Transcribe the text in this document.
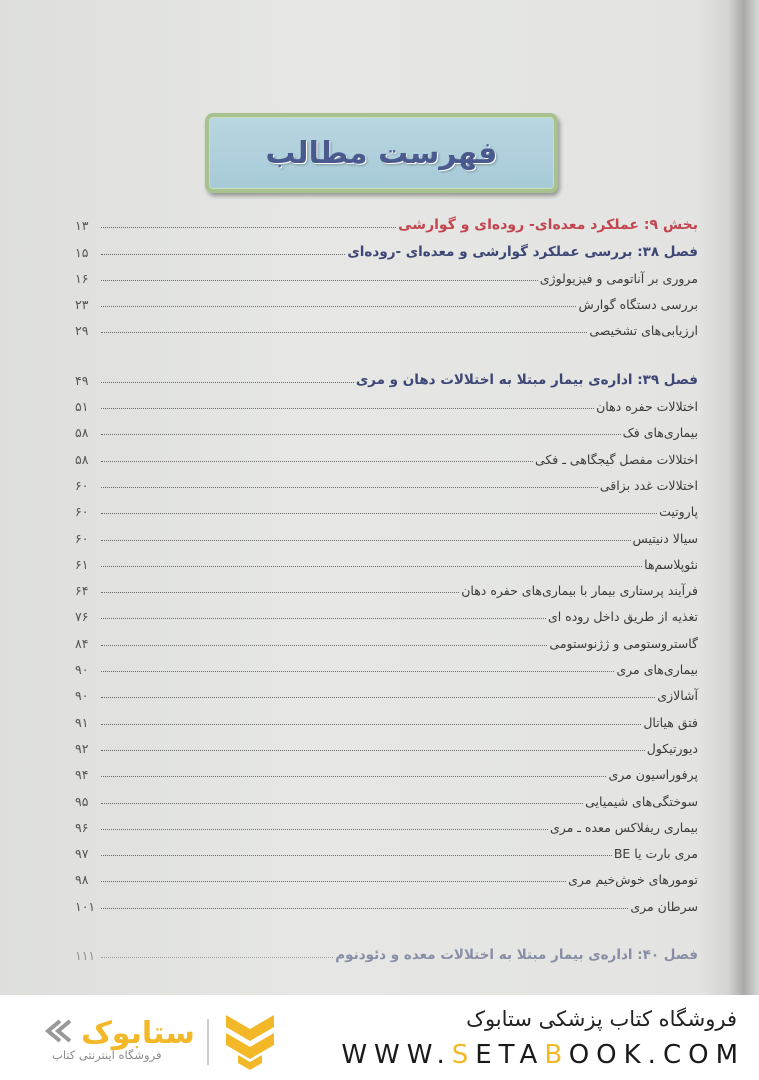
فهرست مطالب
بخش ۹: عملکرد معده‌ای- روده‌ای و گوارشی
۱۳
فصل ۳۸: بررسی عملکرد گوارشی و معده‌ای -روده‌ای
۱۵
مروری بر آناتومی و فیزیولوژی
۱۶
بررسی دستگاه گوارش
۲۳
ارزیابی‌های تشخیصی
۲۹
فصل ۳۹: اداره‌ی بیمار مبتلا به اختلالات دهان و مری
۴۹
اختلالات حفره دهان
۵۱
بیماری‌های فک
۵۸
اختلالات مفصل گیجگاهی ـ فکی
۵۸
اختلالات غدد بزاقی
۶۰
پاروتیت
۶۰
سیالا دنیتیس
۶۰
نئوپلاسم‌ها
۶۱
فرآیند پرستاری بیمار با بیماری‌های حفره دهان
۶۴
تغذیه از طریق داخل روده ای
۷۶
گاستروستومی و ژژنوستومی
۸۴
بیماری‌های مری
۹۰
آشالازی
۹۰
فتق هیاتال
۹۱
دیورتیکول
۹۲
پرفوراسیون مری
۹۴
سوختگی‌های شیمیایی
۹۵
بیماری ریفلاکس معده ـ مری
۹۶
مری بارت یا BE
۹۷
تومورهای خوش‌خیم مری
۹۸
سرطان مری
۱۰۱
فصل ۴۰: اداره‌ی بیمار مبتلا به اختلالات معده و دئودنوم
۱۱۱
فروشگاه کتاب پزشکی ستابوک
WWW.SETABOOK.COM
ستابوک
فروشگاه اینترنتی کتاب
